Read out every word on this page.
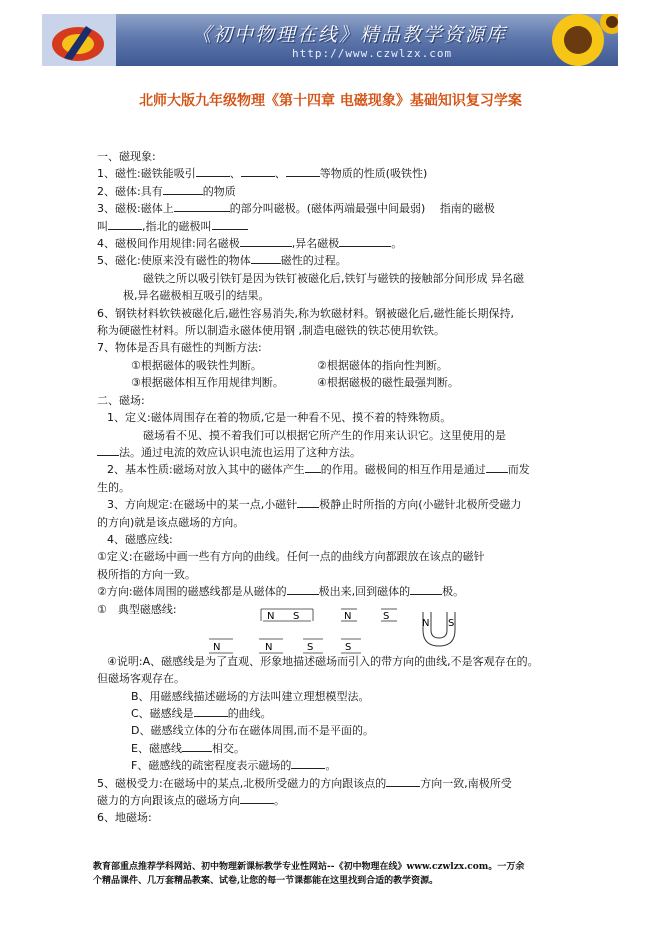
《初中物理在线》精品教学资源库
http://www.czwlzx.com
北师大版九年级物理《第十四章 电磁现象》基础知识复习学案

一、磁现象:

1、磁性:磁铁能吸引	、	、	等物质的性质(吸铁性)

2、磁体:具有	的物质

3、磁极:磁体上	的部分叫磁极。(磁体两端最强中间最弱)　 指南的磁极

叫	,指北的磁极叫

4、磁极间作用规律:同名磁极	,异名磁极	。

5、磁化:使原来没有磁性的物体	磁性的过程。

磁铁之所以吸引铁钉是因为铁钉被磁化后,铁钉与磁铁的接触部分间形成 异名磁

极,异名磁极相互吸引的结果。

6、钢铁材料软铁被磁化后,磁性容易消失,称为软磁材料。钢被磁化后,磁性能长期保持,

称为硬磁性材料。所以制造永磁体使用钢 ,制造电磁铁的铁芯使用软铁。

7、物体是否具有磁性的判断方法:

①根据磁体的吸铁性判断。	②根据磁体的指向性判断。

③根据磁体相互作用规律判断。	④根据磁极的磁性最强判断。

二、磁场:

1、定义:磁体周围存在着的物质,它是一种看不见、摸不着的特殊物质。

磁场看不见、摸不着我们可以根据它所产生的作用来认识它。这里使用的是

法。通过电流的效应认识电流也运用了这种方法。

2、基本性质:磁场对放入其中的磁体产生 的作用。磁极间的相互作用是通过 而发

生的。

3、方向规定:在磁场中的某一点,小磁针 极静止时所指的方向(小磁针北极所受磁力

的方向)就是该点磁场的方向。

4、磁感应线:

①定义:在磁场中画一些有方向的曲线。任何一点的曲线方向都跟放在该点的磁针

极所指的方向一致。

②方向:磁体周围的磁感线都是从磁体的	极出来,回到磁体的	极。

①　典型磁感线:

④说明:A、磁感线是为了直观、形象地描述磁场而引入的带方向的曲线,不是客观存在的。

但磁场客观存在。

B、用磁感线描述磁场的方法叫建立理想模型法。

C、磁感线是	的曲线。

D、磁感线立体的分布在磁体周围,而不是平面的。

E、磁感线	相交。

F、磁感线的疏密程度表示磁场的	。

5、磁极受力:在磁场中的某点,北极所受磁力的方向跟该点的	方向一致,南极所受

磁力的方向跟该点的磁场方向	。

6、地磁场:

N S	N	S
N S
N	N	S	S
教育部重点推荐学科网站、初中物理新课标教学专业性网站--《初中物理在线》www.czwlzx.com。一万余
个精品课件、几万套精品教案、试卷,让您的每一节课都能在这里找到合适的教学资源。
